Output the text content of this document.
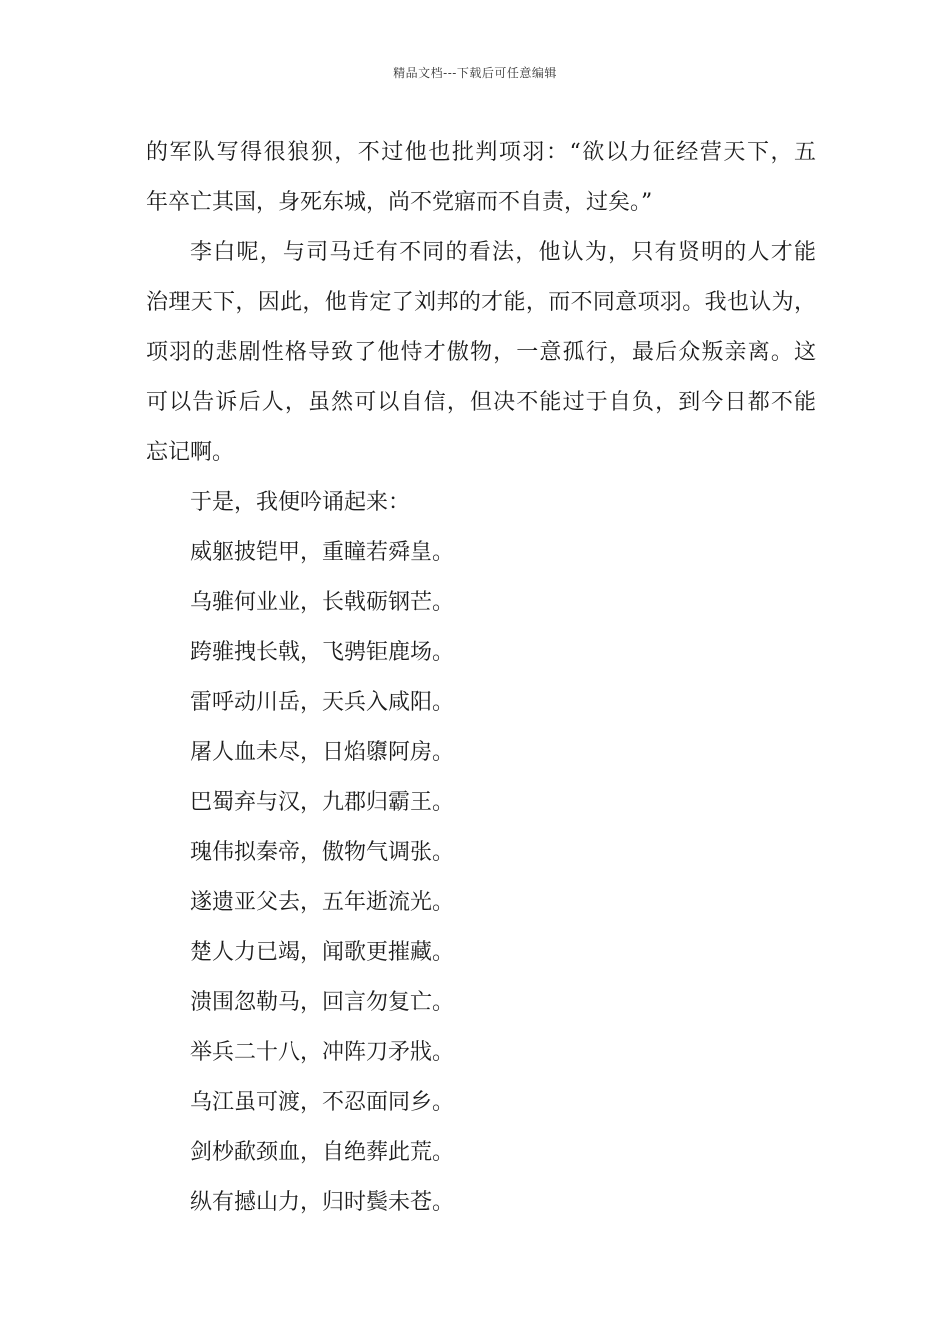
精品文档---下载后可任意编辑
的军队写得很狼狈，不过他也批判项羽：“欲以力征经营天下，五
年卒亡其国，身死东城，尚不党寤而不自责，过矣。”
李白呢，与司马迁有不同的看法，他认为，只有贤明的人才能
治理天下，因此，他肯定了刘邦的才能，而不同意项羽。我也认为，
项羽的悲剧性格导致了他恃才傲物，一意孤行，最后众叛亲离。这
可以告诉后人，虽然可以自信，但决不能过于自负，到今日都不能
忘记啊。
于是，我便吟诵起来：
威躯披铠甲，重瞳若舜皇。
乌骓何业业，长戟砺钢芒。
跨骓拽长戟，飞骋钜鹿场。
雷呼动川岳，天兵入咸阳。
屠人血未尽，日焰隳阿房。
巴蜀弃与汉，九郡归霸王。
瑰伟拟秦帝，傲物气调张。
遂遗亚父去，五年逝流光。
楚人力已竭，闻歌更摧藏。
溃围忽勒马，回言勿复亡。
举兵二十八，冲阵刀矛戕。
乌江虽可渡，不忍面同乡。
剑杪歃颈血，自绝葬此荒。
纵有撼山力，归时鬓未苍。
